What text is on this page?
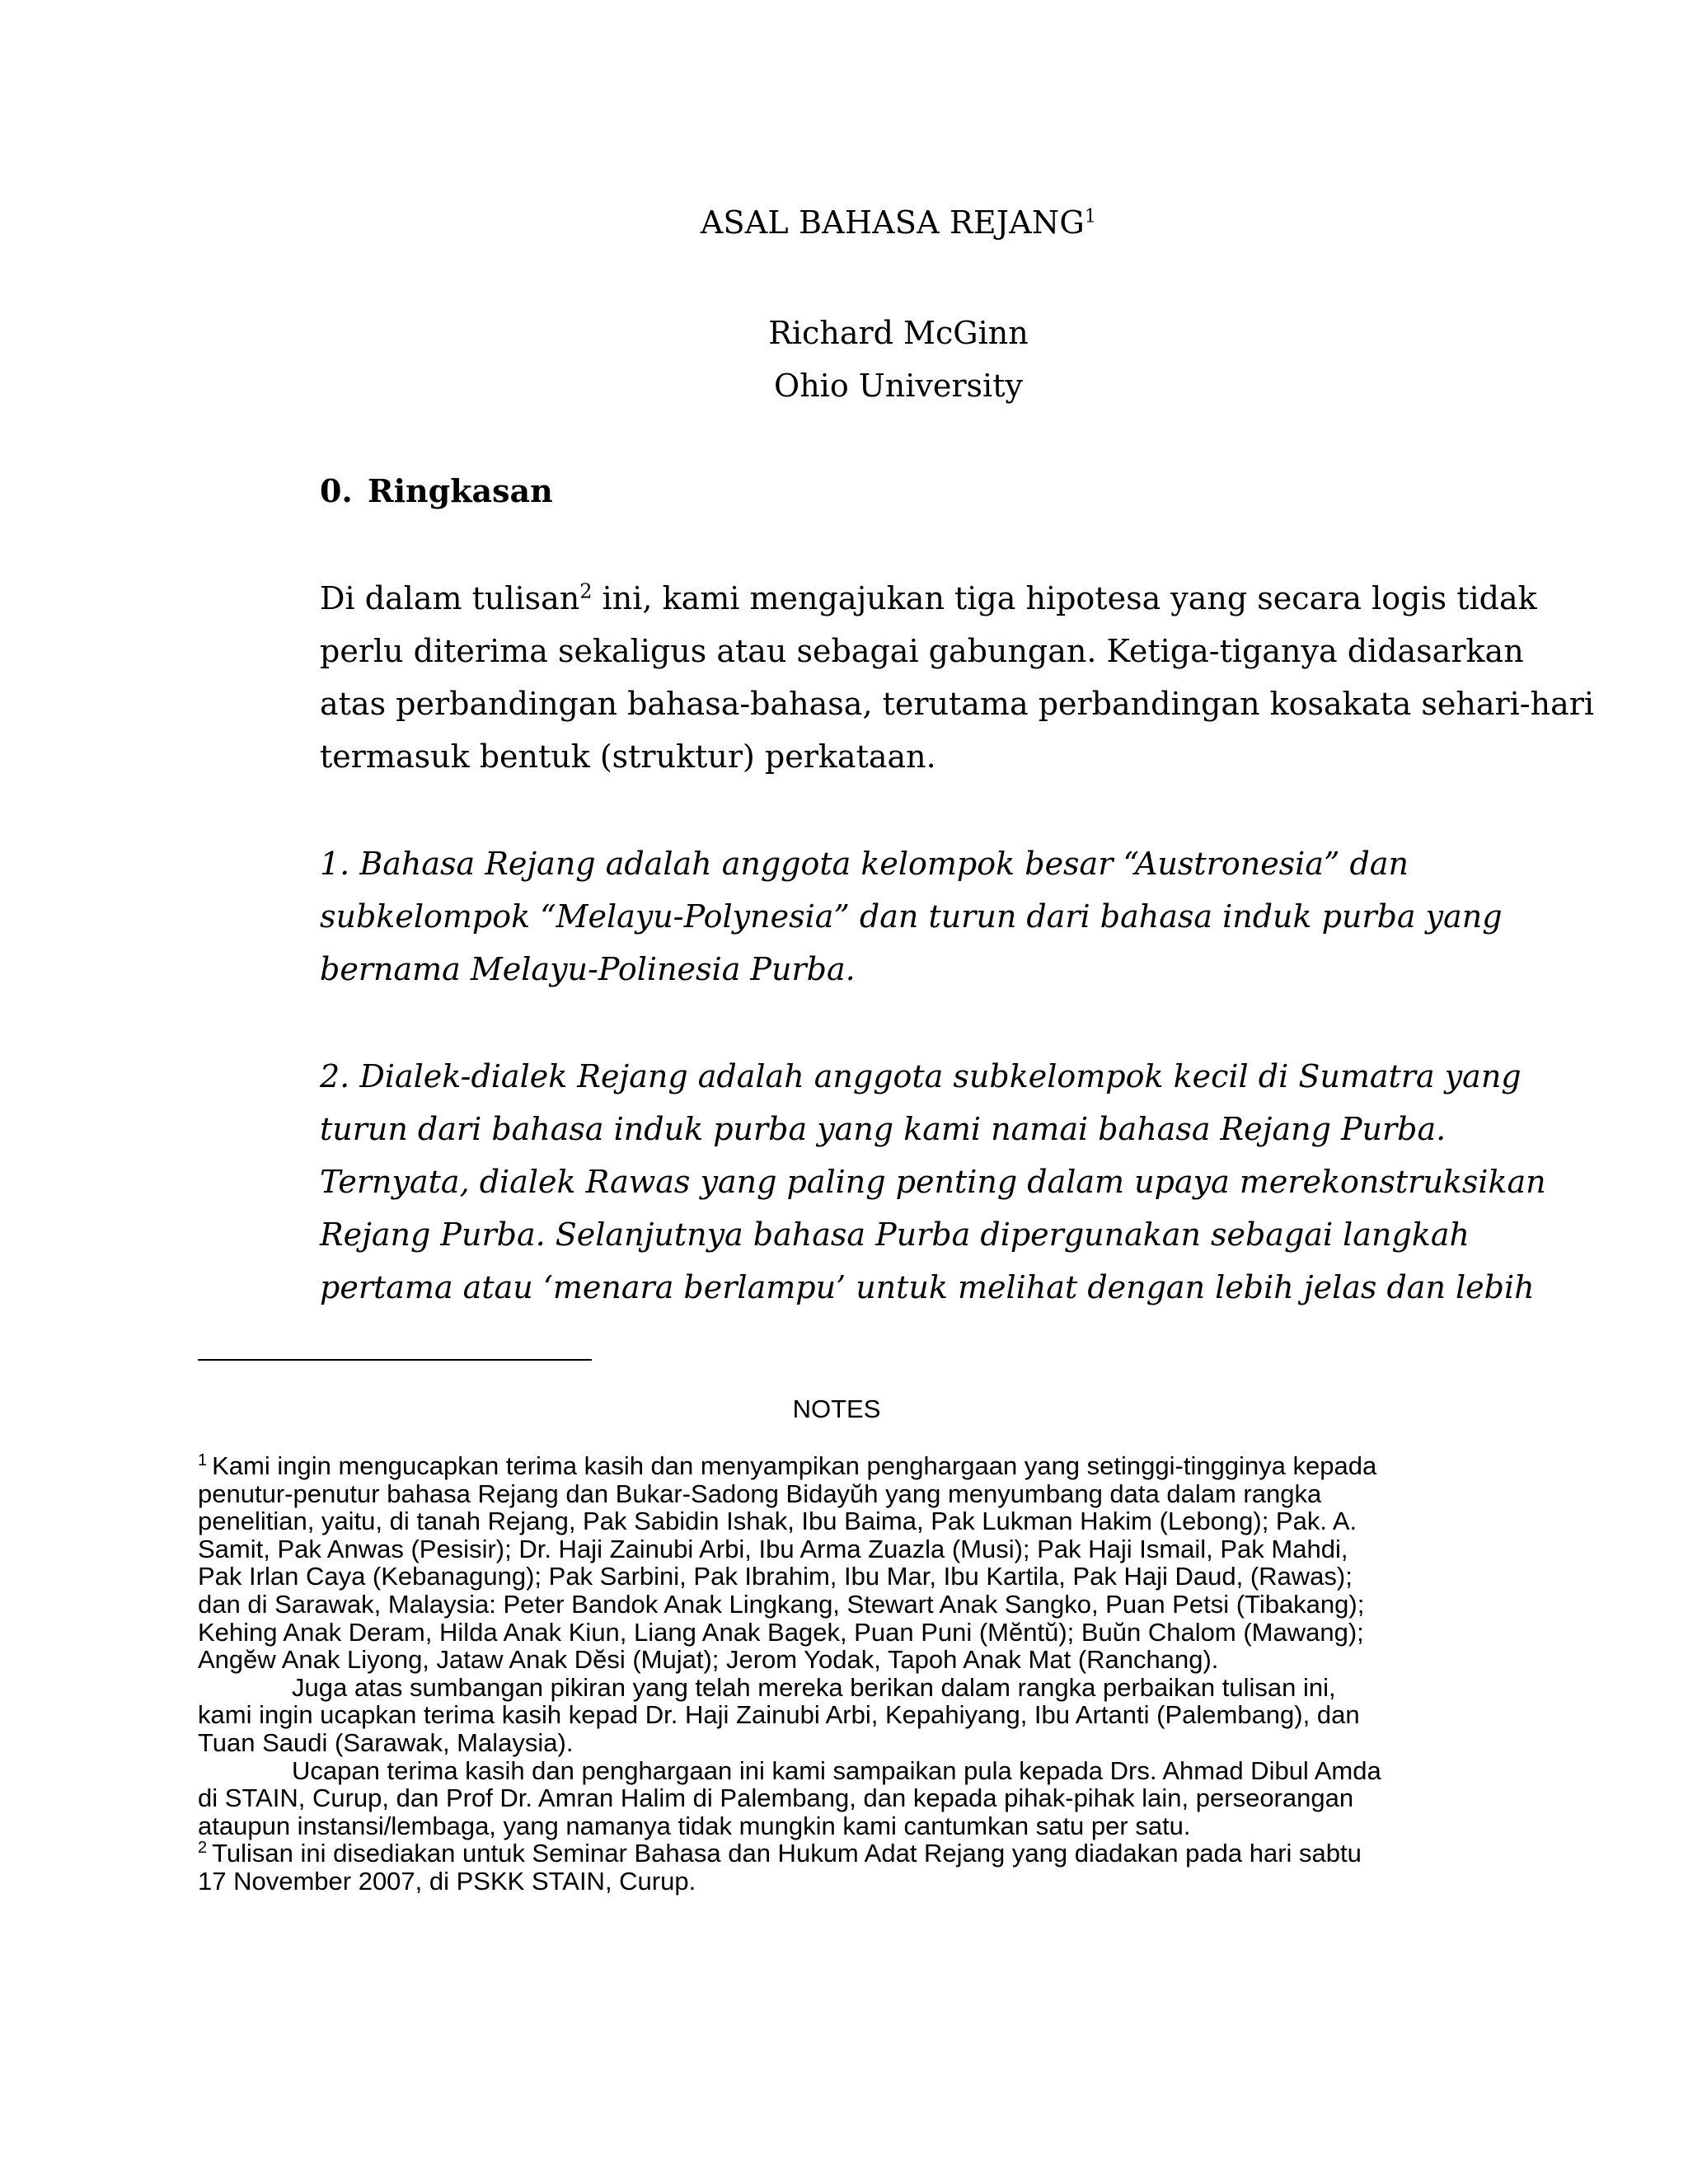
ASAL BAHASA REJANG$^1$
Richard McGinn
Ohio University
0. Ringkasan
Di dalam tulisan$^2$ ini, kami mengajukan tiga hipotesa yang secara logis tidak
perlu diterima sekaligus atau sebagai gabungan. Ketiga-tiganya didasarkan
atas perbandingan bahasa-bahasa, terutama perbandingan kosakata sehari-hari
termasuk bentuk (struktur) perkataan.
1. Bahasa Rejang adalah anggota kelompok besar “Austronesia” dan
subkelompok “Melayu-Polynesia” dan turun dari bahasa induk purba yang
bernama Melayu-Polinesia Purba.
2. Dialek-dialek Rejang adalah anggota subkelompok kecil di Sumatra yang
turun dari bahasa induk purba yang kami namai bahasa Rejang Purba.
Ternyata, dialek Rawas yang paling penting dalam upaya merekonstruksikan
Rejang Purba. Selanjutnya bahasa Purba dipergunakan sebagai langkah
pertama atau ‘menara berlampu’ untuk melihat dengan lebih jelas dan lebih
NOTES
$^1$ Kami ingin mengucapkan terima kasih dan menyampikan penghargaan yang setinggi-tingginya kepada
penutur-penutur bahasa Rejang dan Bukar-Sadong Bidayŭh yang menyumbang data dalam rangka
penelitian, yaitu, di tanah Rejang, Pak Sabidin Ishak, Ibu Baima, Pak Lukman Hakim (Lebong); Pak. A.
Samit, Pak Anwas (Pesisir); Dr. Haji Zainubi Arbi, Ibu Arma Zuazla (Musi); Pak Haji Ismail, Pak Mahdi,
Pak Irlan Caya (Kebanagung); Pak Sarbini, Pak Ibrahim, Ibu Mar, Ibu Kartila, Pak Haji Daud, (Rawas);
dan di Sarawak, Malaysia: Peter Bandok Anak Lingkang, Stewart Anak Sangko, Puan Petsi (Tibakang);
Kehing Anak Deram, Hilda Anak Kiun, Liang Anak Bagek, Puan Puni (Mĕntŭ); Buŭn Chalom (Mawang);
Angĕw Anak Liyong, Jataw Anak Dĕsi (Mujat); Jerom Yodak, Tapoh Anak Mat (Ranchang).
Juga atas sumbangan pikiran yang telah mereka berikan dalam rangka perbaikan tulisan ini,
kami ingin ucapkan terima kasih kepad Dr. Haji Zainubi Arbi, Kepahiyang, Ibu Artanti (Palembang), dan
Tuan Saudi (Sarawak, Malaysia).
Ucapan terima kasih dan penghargaan ini kami sampaikan pula kepada Drs. Ahmad Dibul Amda
di STAIN, Curup, dan Prof Dr. Amran Halim di Palembang, dan kepada pihak-pihak lain, perseorangan
ataupun instansi/lembaga, yang namanya tidak mungkin kami cantumkan satu per satu.
$^2$ Tulisan ini disediakan untuk Seminar Bahasa dan Hukum Adat Rejang yang diadakan pada hari sabtu
17 November 2007, di PSKK STAIN, Curup.
